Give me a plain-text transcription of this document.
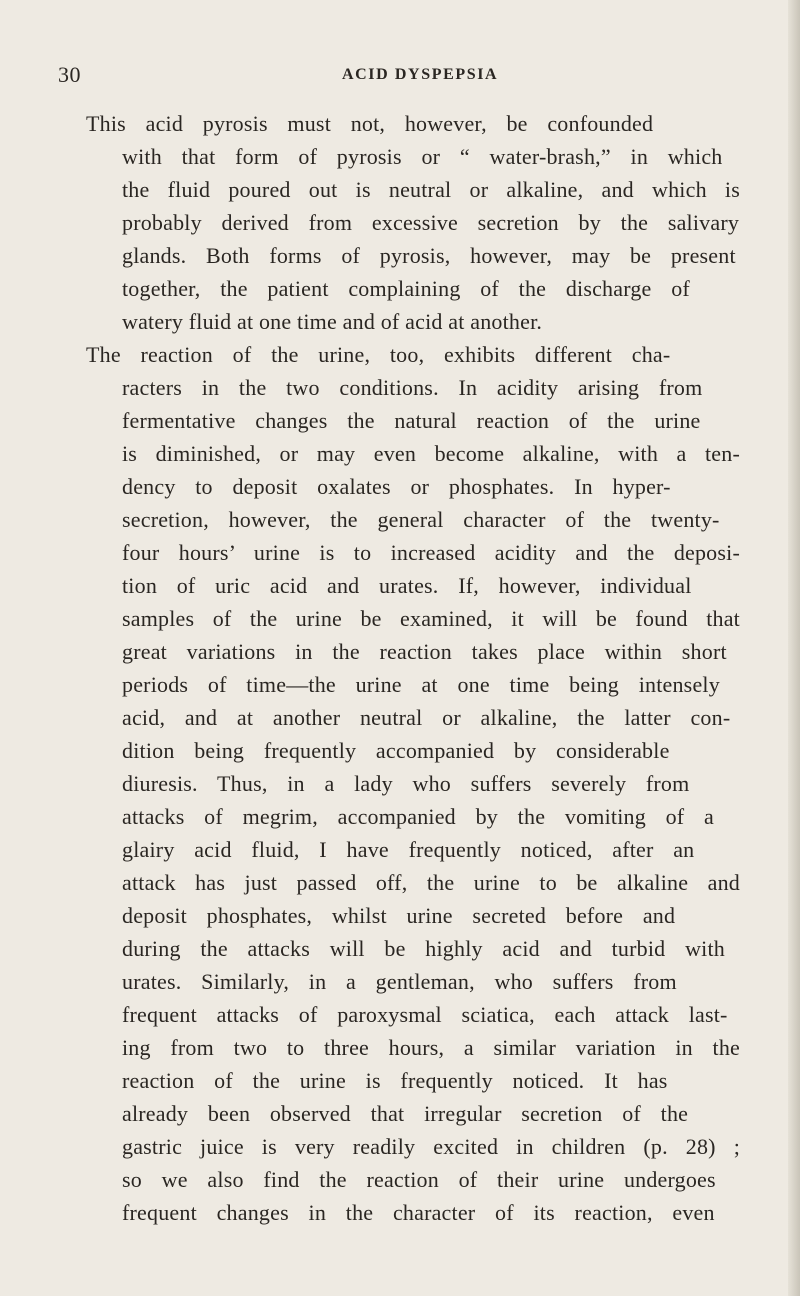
30	ACID DYSPEPSIA
This acid pyrosis must not, however, be confounded
with that form of pyrosis or “ water-brash,” in which
the fluid poured out is neutral or alkaline, and which is
probably derived from excessive secretion by the salivary
glands. Both forms of pyrosis, however, may be present
together, the patient complaining of the discharge of
watery fluid at one time and of acid at another.
The reaction of the urine, too, exhibits different cha-
racters in the two conditions. In acidity arising from
fermentative changes the natural reaction of the urine
is diminished, or may even become alkaline, with a ten-
dency to deposit oxalates or phosphates. In hyper-
secretion, however, the general character of the twenty-
four hours’ urine is to increased acidity and the deposi-
tion of uric acid and urates. If, however, individual
samples of the urine be examined, it will be found that
great variations in the reaction takes place within short
periods of time—the urine at one time being intensely
acid, and at another neutral or alkaline, the latter con-
dition being frequently accompanied by considerable
diuresis. Thus, in a lady who suffers severely from
attacks of megrim, accompanied by the vomiting of a
glairy acid fluid, I have frequently noticed, after an
attack has just passed off, the urine to be alkaline and
deposit phosphates, whilst urine secreted before and
during the attacks will be highly acid and turbid with
urates. Similarly, in a gentleman, who suffers from
frequent attacks of paroxysmal sciatica, each attack last-
ing from two to three hours, a similar variation in the
reaction of the urine is frequently noticed. It has
already been observed that irregular secretion of the
gastric juice is very readily excited in children (p. 28) ;
so we also find the reaction of their urine undergoes
frequent changes in the character of its reaction, even
